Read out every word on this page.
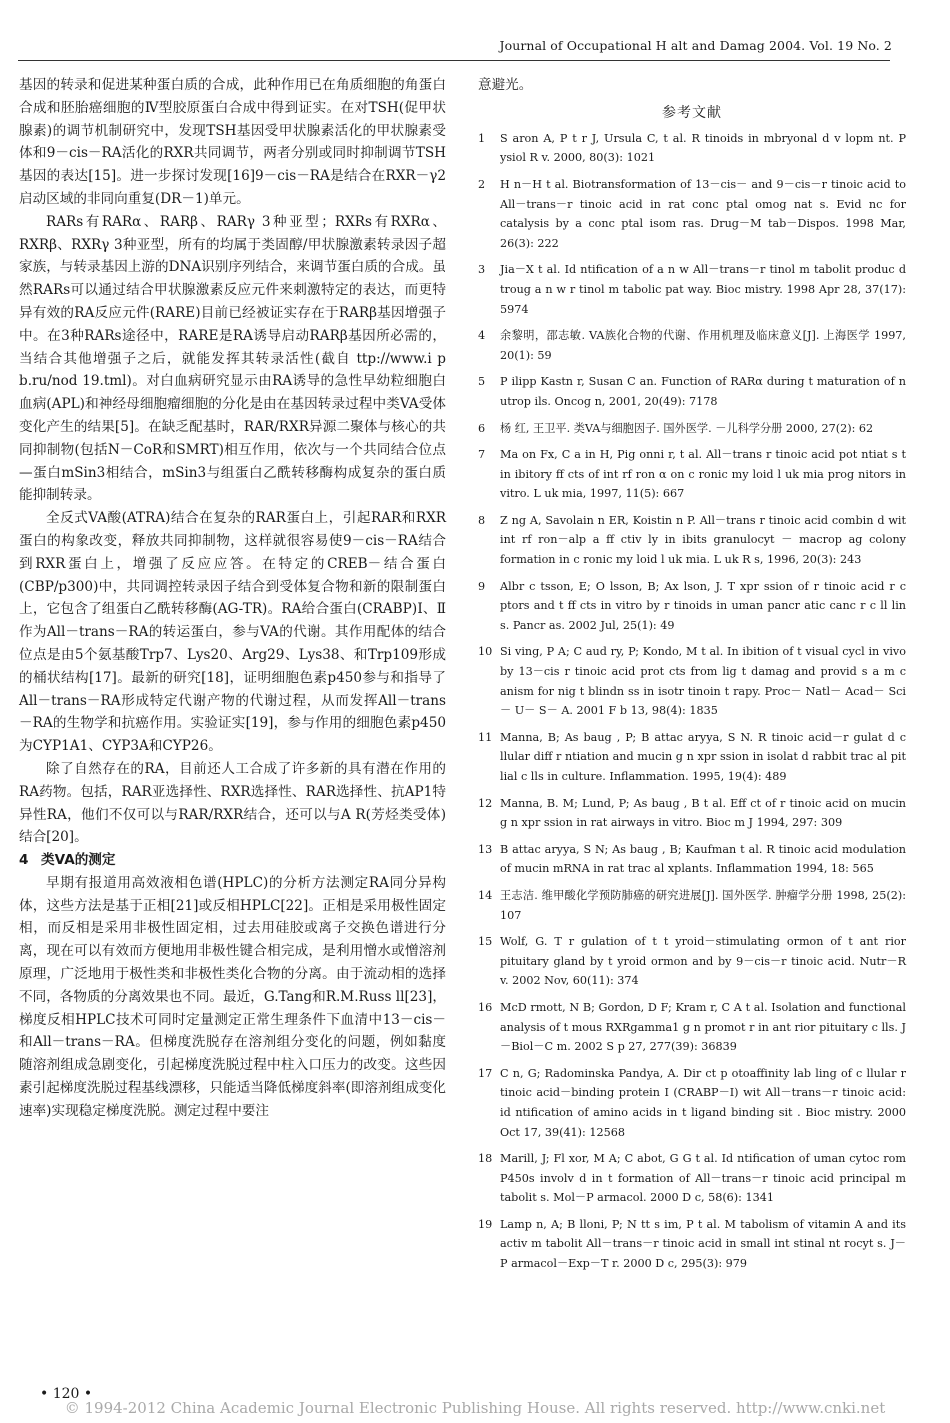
Journal of Occupational H alt and Damag 2004. Vol. 19 No. 2

基因的转录和促进某种蛋白质的合成，此种作用已在角质细胞的角蛋白合成和胚胎癌细胞的Ⅳ型胶原蛋白合成中得到证实。在对TSH(促甲状腺素)的调节机制研究中，发现TSH基因受甲状腺素活化的甲状腺素受体和9－cis－RA活化的RXR共同调节，两者分别或同时抑制调节TSH基因的表达[15]。进一步探讨发现[16]9－cis－RA是结合在RXR－γ2启动区域的非同向重复(DR－1)单元。

RARs有RARα、RARβ、RARγ 3种亚型；RXRs有RXRα、RXRβ、RXRγ 3种亚型，所有的均属于类固醇/甲状腺激素转录因子超家族，与转录基因上游的DNA识别序列结合，来调节蛋白质的合成。虽然RARs可以通过结合甲状腺激素反应元件来刺激特定的表达，而更特异有效的RA反应元件(RARE)目前已经被证实存在于RARβ基因增强子中。在3种RARs途径中，RARE是RA诱导启动RARβ基因所必需的，当结合其他增强子之后，就能发挥其转录活性(截自 ttp://www.i p b.ru/nod 19.tml)。对白血病研究显示由RA诱导的急性早幼粒细胞白血病(APL)和神经母细胞瘤细胞的分化是由在基因转录过程中类VA受体变化产生的结果[5]。在缺乏配基时，RAR/RXR异源二聚体与核心的共同抑制物(包括N－CoR和SMRT)相互作用，依次与一个共同结合位点—蛋白mSin3相结合，mSin3与组蛋白乙酰转移酶构成复杂的蛋白质能抑制转录。

全反式VA酸(ATRA)结合在复杂的RAR蛋白上，引起RAR和RXR蛋白的构象改变，释放共同抑制物，这样就很容易使9－cis－RA结合到RXR蛋白上，增强了反应应答。在特定的CREB－结合蛋白(CBP/p300)中，共同调控转录因子结合到受体复合物和新的限制蛋白上，它包含了组蛋白乙酰转移酶(AG-TR)。RA给合蛋白(CRABP)Ⅰ、Ⅱ作为All－trans－RA的转运蛋白，参与VA的代谢。其作用配体的结合位点是由5个氨基酸Trp7、Lys20、Arg29、Lys38、和Trp109形成的桶状结构[17]。最新的研究[18]，证明细胞色素p450参与和指导了All－trans－RA形成特定代谢产物的代谢过程，从而发挥All－trans－RA的生物学和抗癌作用。实验证实[19]，参与作用的细胞色素p450为CYP1A1、CYP3A和CYP26。

除了自然存在的RA，目前还人工合成了许多新的具有潜在作用的RA药物。包括，RAR亚选择性、RXR选择性、RAR选择性、抗AP1特异性RA，他们不仅可以与RAR/RXR结合，还可以与A R(芳烃类受体)结合[20]。

4 类VA的测定

早期有报道用高效液相色谱(HPLC)的分析方法测定RA同分异构体，这些方法是基于正相[21]或反相HPLC[22]。正相是采用极性固定相，而反相是采用非极性固定相，过去用硅胶或离子交换色谱进行分离，现在可以有效而方便地用非极性键合相完成，是利用憎水或憎溶剂原理，广泛地用于极性类和非极性类化合物的分离。由于流动相的选择不同，各物质的分离效果也不同。最近，G.Tang和R.M.Russ ll[23]，梯度反相HPLC技术可同时定量测定正常生理条件下血清中13－cis－和All－trans－RA。但梯度洗脱存在溶剂组分变化的问题，例如黏度随溶剂组成急剧变化，引起梯度洗脱过程中柱入口压力的改变。这些因素引起梯度洗脱过程基线漂移，只能适当降低梯度斜率(即溶剂组成变化速率)实现稳定梯度洗脱。测定过程中要注

意避光。

参考文献
1	S aron A, P t r J, Ursula C, t al. R tinoids in mbryonal d v lopm nt. P ysiol R v. 2000, 80(3): 1021
2	H n－H t al. Biotransformation of 13－cis－ and 9－cis－r tinoic acid to All－trans－r tinoic acid in rat conc ptal omog nat s. Evid nc for catalysis by a conc ptal isom ras. Drug－M tab－Dispos. 1998 Mar, 26(3): 222
3	Jia－X t al. Id ntification of a n w All－trans－r tinol m tabolit produc d troug a n w r tinol m tabolic pat way. Bioc mistry. 1998 Apr 28, 37(17): 5974
4	余黎明，邵志敏. VA族化合物的代谢、作用机理及临床意义[J]. 上海医学 1997, 20(1): 59
5	P ilipp Kastn r, Susan C an. Function of RARα during t maturation of n utrop ils. Oncog n, 2001, 20(49): 7178
6	杨 红, 王卫平. 类VA与细胞因子. 国外医学. －儿科学分册 2000, 27(2): 62
7	Ma on Fx, C a in H, Pig onni r, t al. All－trans r tinoic acid pot ntiat s t in ibitory ff cts of int rf ron α on c ronic my loid l uk mia prog nitors in vitro. L uk mia, 1997, 11(5): 667
8	Z ng A, Savolain n ER, Koistin n P. All－trans r tinoic acid combin d wit int rf ron－alp a ff ctiv ly in ibits granulocyt － macrop ag colony formation in c ronic my loid l uk mia. L uk R s, 1996, 20(3): 243
9	Albr c tsson, E; O lsson, B; Ax lson, J. T xpr ssion of r tinoic acid r c ptors and t ff cts in vitro by r tinoids in uman pancr atic canc r c ll lin s. Pancr as. 2002 Jul, 25(1): 49
10 Si ving, P A; C aud ry, P; Kondo, M t al. In ibition of t visual cycl in vivo by 13－cis r tinoic acid prot cts from lig t damag and provid s a m c anism for nig t blindn ss in isotr tinoin t rapy. Proc－ Natl－ Acad－ Sci－ U－ S－ A. 2001 F b 13, 98(4): 1835
11 Manna, B; As baug , P; B attac aryya, S N. R tinoic acid－r gulat d c llular diff r ntiation and mucin g n xpr ssion in isolat d rabbit trac al pit lial c lls in culture. Inflammation. 1995, 19(4): 489
12 Manna, B. M; Lund, P; As baug , B t al. Eff ct of r tinoic acid on mucin g n xpr ssion in rat airways in vitro. Bioc m J 1994, 297: 309
13 B attac aryya, S N; As baug , B; Kaufman t al. R tinoic acid modulation of mucin mRNA in rat trac al xplants. Inflammation 1994, 18: 565
14 王志洁. 维甲酸化学预防肺癌的研究进展[J]. 国外医学. 肿瘤学分册 1998, 25(2): 107
15 Wolf, G. T r gulation of t t yroid－stimulating ormon of t ant rior pituitary gland by t yroid ormon and by 9－cis－r tinoic acid. Nutr－R v. 2002 Nov, 60(11): 374
16 McD rmott, N B; Gordon, D F; Kram r, C A t al. Isolation and functional analysis of t mous RXRgamma1 g n promot r in ant rior pituitary c lls. J－Biol－C m. 2002 S p 27, 277(39): 36839
17 C n, G; Radominska Pandya, A. Dir ct p otoaffinity lab ling of c llular r tinoic acid－binding protein I (CRABP－I) wit All－trans－r tinoic acid: id ntification of amino acids in t ligand binding sit . Bioc mistry. 2000 Oct 17, 39(41): 12568
18 Marill, J; Fl xor, M A; C abot, G G t al. Id ntification of uman cytoc rom P450s involv d in t formation of All－trans－r tinoic acid principal m tabolit s. Mol－P armacol. 2000 D c, 58(6): 1341
19 Lamp n, A; B lloni, P; N tt s im, P t al. M tabolism of vitamin A and its activ m tabolit All－trans－r tinoic acid in small int stinal nt rocyt s. J－P armacol－Exp－T r. 2000 D c, 295(3): 979
• 120 •
© 1994-2012 China Academic Journal Electronic Publishing House. All rights reserved. http://www.cnki.net
